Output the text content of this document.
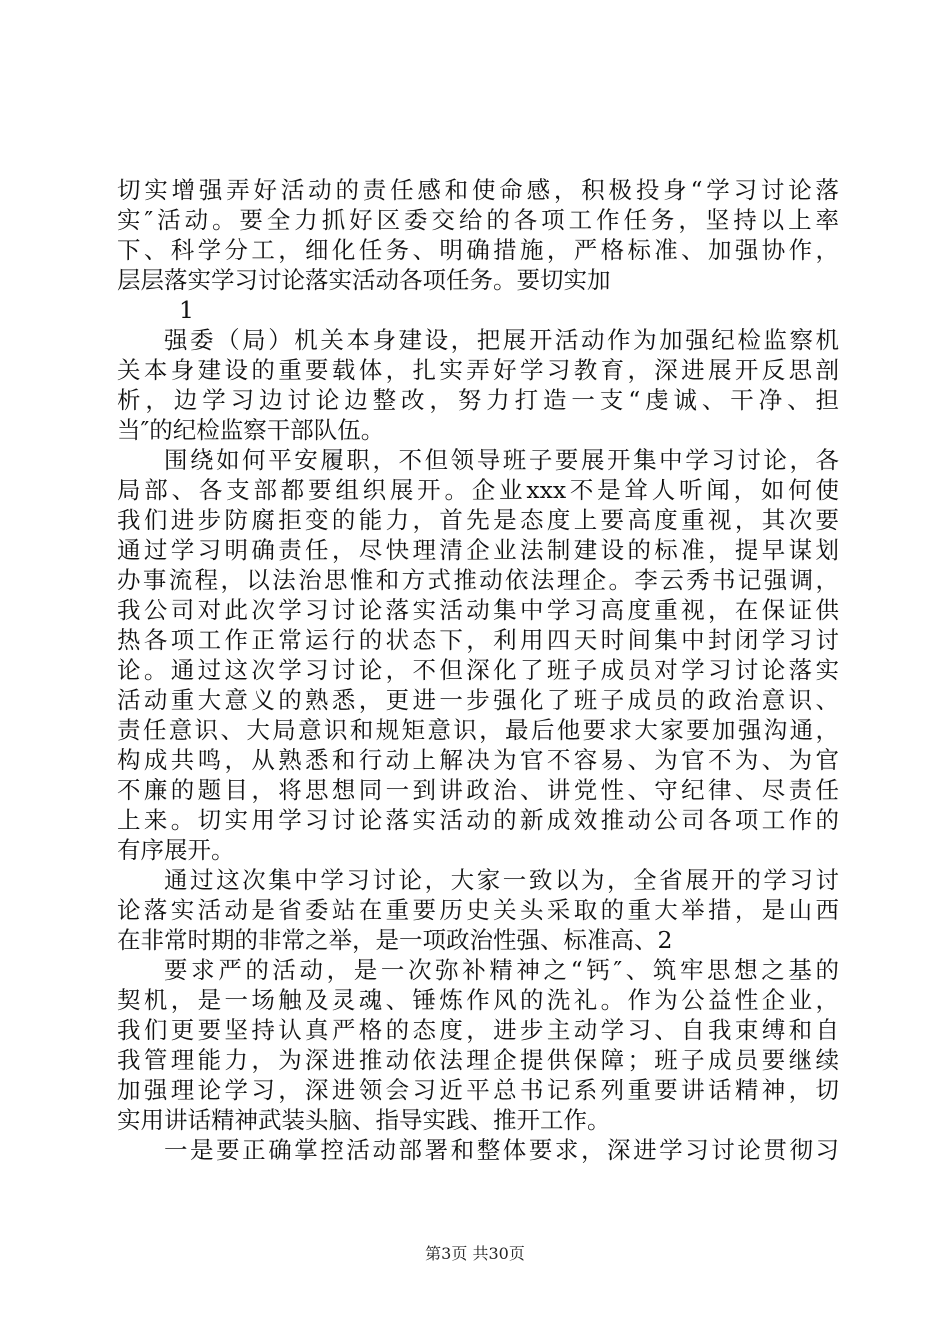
切实增强弄好活动的责任感和使命感，积极投身“学习讨论落
实″活动。要全力抓好区委交给的各项工作任务，坚持以上率
下、科学分工，细化任务、明确措施，严格标准、加强协作，
层层落实学习讨论落实活动各项任务。要切实加
1
强委（局）机关本身建设，把展开活动作为加强纪检监察机
关本身建设的重要载体，扎实弄好学习教育，深进展开反思剖
析，边学习边讨论边整改，努力打造一支“虔诚、干净、担
当″的纪检监察干部队伍。
围绕如何平安履职，不但领导班子要展开集中学习讨论，各
局部、各支部都要组织展开。企业xxx不是耸人听闻，如何使
我们进步防腐拒变的能力，首先是态度上要高度重视，其次要
通过学习明确责任，尽快理清企业法制建设的标准，提早谋划
办事流程，以法治思惟和方式推动依法理企。李云秀书记强调，
我公司对此次学习讨论落实活动集中学习高度重视，在保证供
热各项工作正常运行的状态下，利用四天时间集中封闭学习讨
论。通过这次学习讨论，不但深化了班子成员对学习讨论落实
活动重大意义的熟悉，更进一步强化了班子成员的政治意识、
责任意识、大局意识和规矩意识，最后他要求大家要加强沟通，
构成共鸣，从熟悉和行动上解决为官不容易、为官不为、为官
不廉的题目，将思想同一到讲政治、讲党性、守纪律、尽责任
上来。切实用学习讨论落实活动的新成效推动公司各项工作的
有序展开。
通过这次集中学习讨论，大家一致以为，全省展开的学习讨
论落实活动是省委站在重要历史关头采取的重大举措，是山西
在非常时期的非常之举，是一项政治性强、标准高、2
要求严的活动，是一次弥补精神之“钙″、筑牢思想之基的
契机，是一场触及灵魂、锤炼作风的洗礼。作为公益性企业，
我们更要坚持认真严格的态度，进步主动学习、自我束缚和自
我管理能力，为深进推动依法理企提供保障；班子成员要继续
加强理论学习，深进领会习近平总书记系列重要讲话精神，切
实用讲话精神武装头脑、指导实践、推开工作。
一是要正确掌控活动部署和整体要求，深进学习讨论贯彻习
第3页 共30页
